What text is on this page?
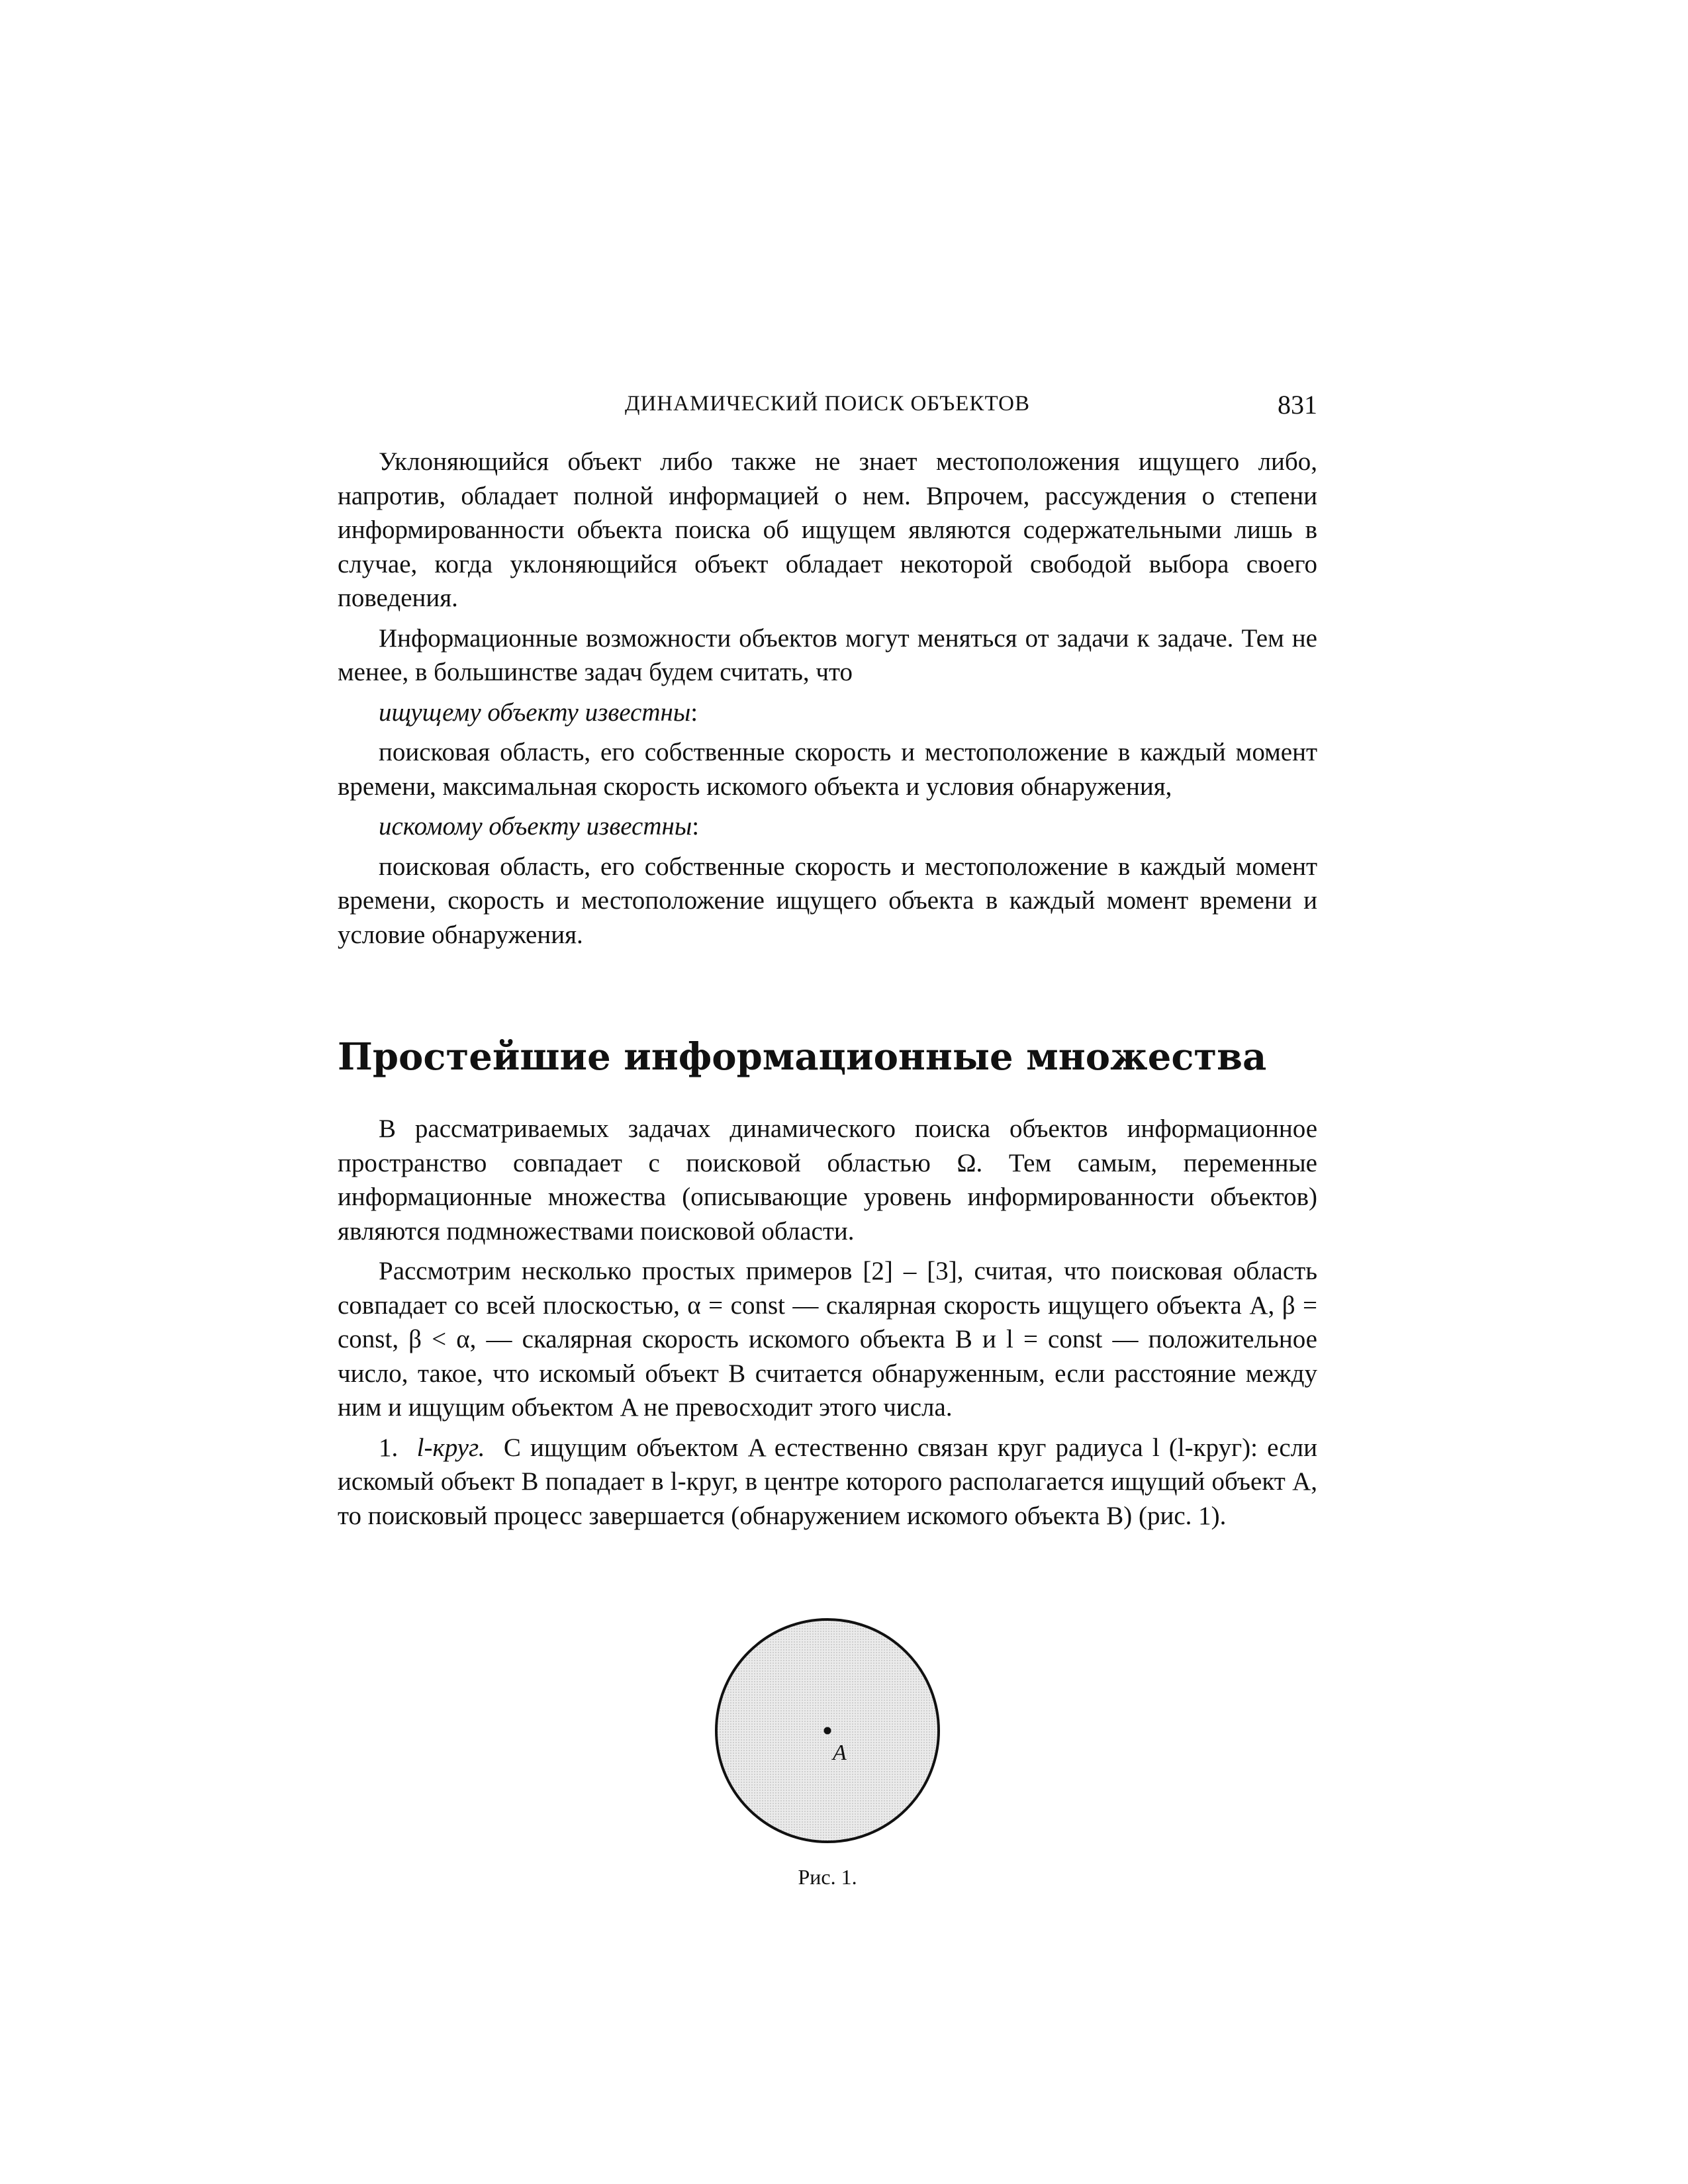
ДИНАМИЧЕСКИЙ ПОИСК ОБЪЕКТОВ	831

Уклоняющийся объект либо также не знает местоположения ищущего либо, напротив, обладает полной информацией о нем. Впрочем, рассуждения о степени информированности объекта поиска об ищущем являются содержательными лишь в случае, когда уклоняющийся объект обладает некоторой свободой выбора своего поведения.

Информационные возможности объектов могут меняться от задачи к задаче. Тем не менее, в большинстве задач будем считать, что

ищущему объекту известны:

поисковая область, его собственные скорость и местоположение в каждый момент времени, максимальная скорость искомого объекта и условия обнаружения,

искомому объекту известны:

поисковая область, его собственные скорость и местоположение в каждый момент времени, скорость и местоположение ищущего объекта в каждый момент времени и условие обнаружения.

Простейшие информационные множества

В рассматриваемых задачах динамического поиска объектов информационное пространство совпадает с поисковой областью Ω. Тем самым, переменные информационные множества (описывающие уровень информированности объектов) являются подмножествами поисковой области.

Рассмотрим несколько простых примеров [2] – [3], считая, что поисковая область совпадает со всей плоскостью, α = const — скалярная скорость ищущего объекта A, β = const, β < α, — скалярная скорость искомого объекта B и l = const — положительное число, такое, что искомый объект B считается обнаруженным, если расстояние между ним и ищущим объектом A не превосходит этого числа.

1. l-круг. С ищущим объектом A естественно связан круг радиуса l (l-круг): если искомый объект B попадает в l-круг, в центре которого располагается ищущий объект A, то поисковый процесс завершается (обнаружением искомого объекта B) (рис. 1).

A
Рис. 1.
